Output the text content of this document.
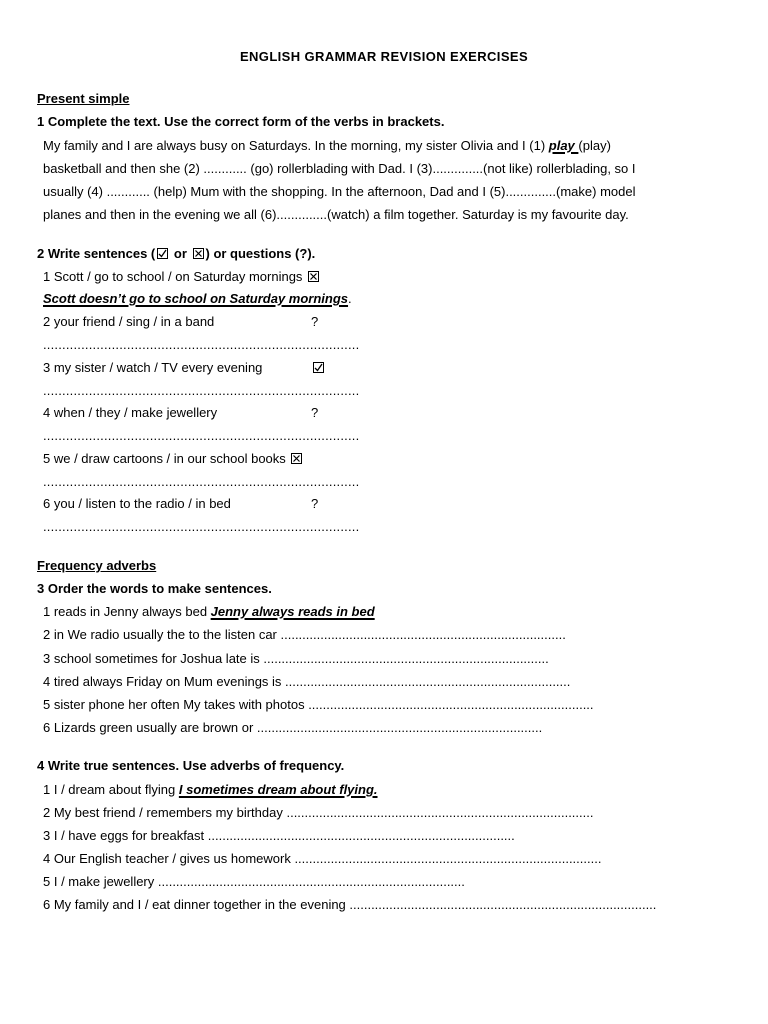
ENGLISH GRAMMAR REVISION EXERCISES
Present simple
1 Complete the text. Use the correct form of the verbs in brackets.
My family and I are always busy on Saturdays. In the morning, my sister Olivia and I (1) play (play)
basketball and then she (2) ............ (go) rollerblading with Dad. I (3)..............(not like) rollerblading, so I
usually (4) ............ (help) Mum with the shopping. In the afternoon, Dad and I (5)..............(make) model
planes and then in the evening we all (6)..............(watch) a film together. Saturday is my favourite day.
2 Write sentences (
or ☒ ) or questions (?).
1 Scott / go to school / on Saturday mornings
Scott doesn’t go to school on Saturday mornings.
2 your friend / sing / in a band	?
...................................................................................
3 my sister / watch / TV every evening
...................................................................................
4 when / they / make jewellery	?
...................................................................................
5 we / draw cartoons / in our school books
...................................................................................
6 you / listen to the radio / in bed	?
...................................................................................
Frequency adverbs
3 Order the words to make sentences.
1 reads in Jenny always bed Jenny always reads in bed
2 in We radio usually the to the listen car ...............................................................................
3 school sometimes for Joshua late is ...............................................................................
4 tired always Friday on Mum evenings is ...............................................................................
5 sister phone her often My takes with photos ...............................................................................
6 Lizards green usually are brown or ...............................................................................
4 Write true sentences. Use adverbs of frequency.
1 I / dream about flying I sometimes dream about flying.
2 My best friend / remembers my birthday .....................................................................................
3 I / have eggs for breakfast .....................................................................................
4 Our English teacher / gives us homework .....................................................................................
5 I / make jewellery .....................................................................................
6 My family and I / eat dinner together in the evening .....................................................................................
